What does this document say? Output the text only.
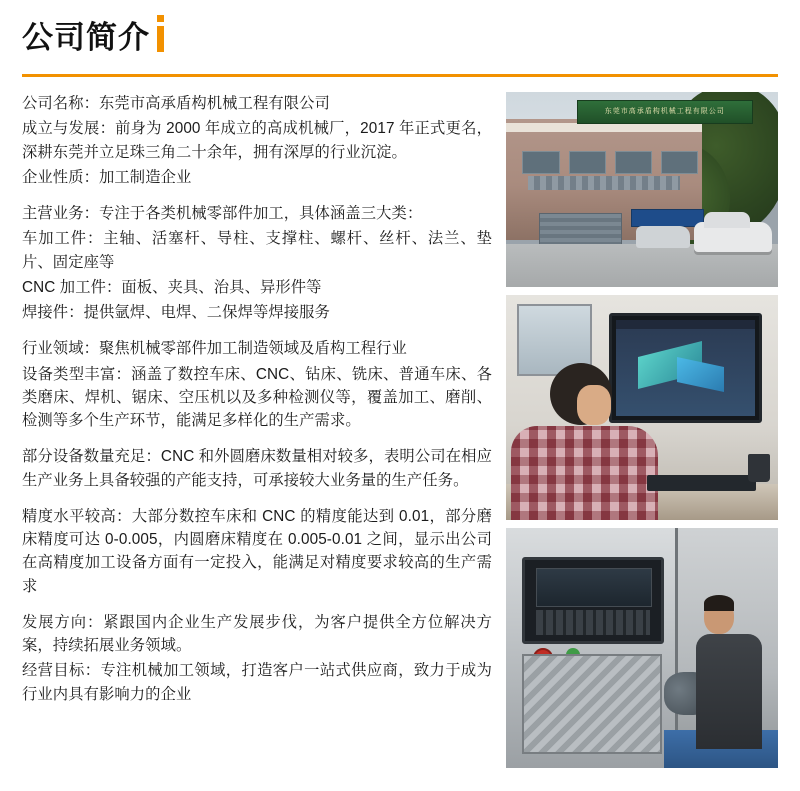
公司简介

公司名称：东莞市高承盾构机械工程有限公司

成立与发展：前身为 2000 年成立的高成机械厂，2017 年正式更名，深耕东莞并立足珠三角二十余年，拥有深厚的行业沉淀。

企业性质：加工制造企业

主营业务：专注于各类机械零部件加工，具体涵盖三大类：

车加工件：主轴、活塞杆、导柱、支撑柱、螺杆、丝杆、法兰、垫片、固定座等

CNC 加工件：面板、夹具、治具、异形件等

焊接件：提供氩焊、电焊、二保焊等焊接服务

行业领域：聚焦机械零部件加工制造领域及盾构工程行业

设备类型丰富：涵盖了数控车床、CNC、钻床、铣床、普通车床、各类磨床、焊机、锯床、空压机以及多种检测仪等，覆盖加工、磨削、检测等多个生产环节，能满足多样化的生产需求。

部分设备数量充足：CNC 和外圆磨床数量相对较多，表明公司在相应生产业务上具备较强的产能支持，可承接较大业务量的生产任务。

精度水平较高：大部分数控车床和 CNC 的精度能达到 0.01，部分磨床精度可达 0-0.005，内圆磨床精度在 0.005-0.01 之间，显示出公司在高精度加工设备方面有一定投入，能满足对精度要求较高的生产需求

发展方向：紧跟国内企业生产发展步伐，为客户提供全方位解决方案，持续拓展业务领域。

经营目标：专注机械加工领域，打造客户一站式供应商，致力于成为行业内具有影响力的企业

东莞市高承盾构机械工程有限公司
